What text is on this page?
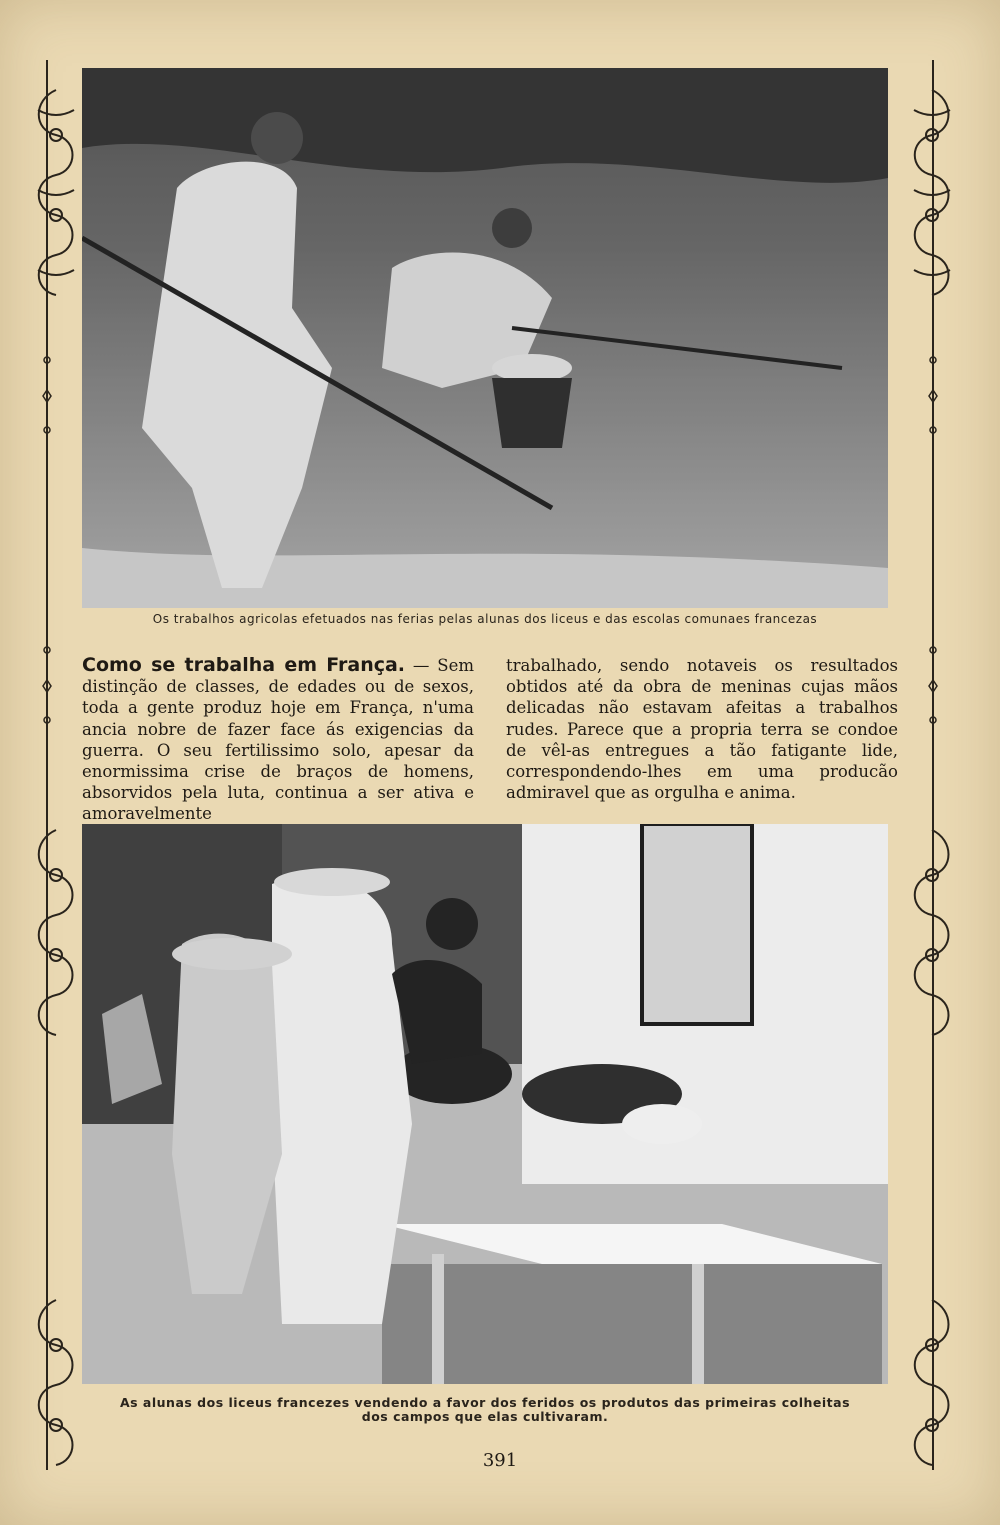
Os trabalhos agricolas efetuados nas ferias pelas alunas dos liceus e das escolas comunaes francezas

Como se trabalha em França. — Sem distinção de classes, de edades ou de sexos, toda a gente produz hoje em França, n'uma ancia nobre de fazer face ás exigencias da guerra. O seu fertilissimo solo, apesar da enormissima crise de braços de homens, absorvidos pela luta, continua a ser ativa e amoravelmente

trabalhado, sendo notaveis os resultados obtidos até da obra de meninas cujas mãos delicadas não estavam afeitas a trabalhos rudes. Parece que a propria terra se condoe de vêl-as entregues a tão fatigante lide, correspondendo-lhes em uma producão admiravel que as orgulha e anima.

As alunas dos liceus francezes vendendo a favor dos feridos os produtos das primeiras colheitas
dos campos que elas cultivaram.
391
